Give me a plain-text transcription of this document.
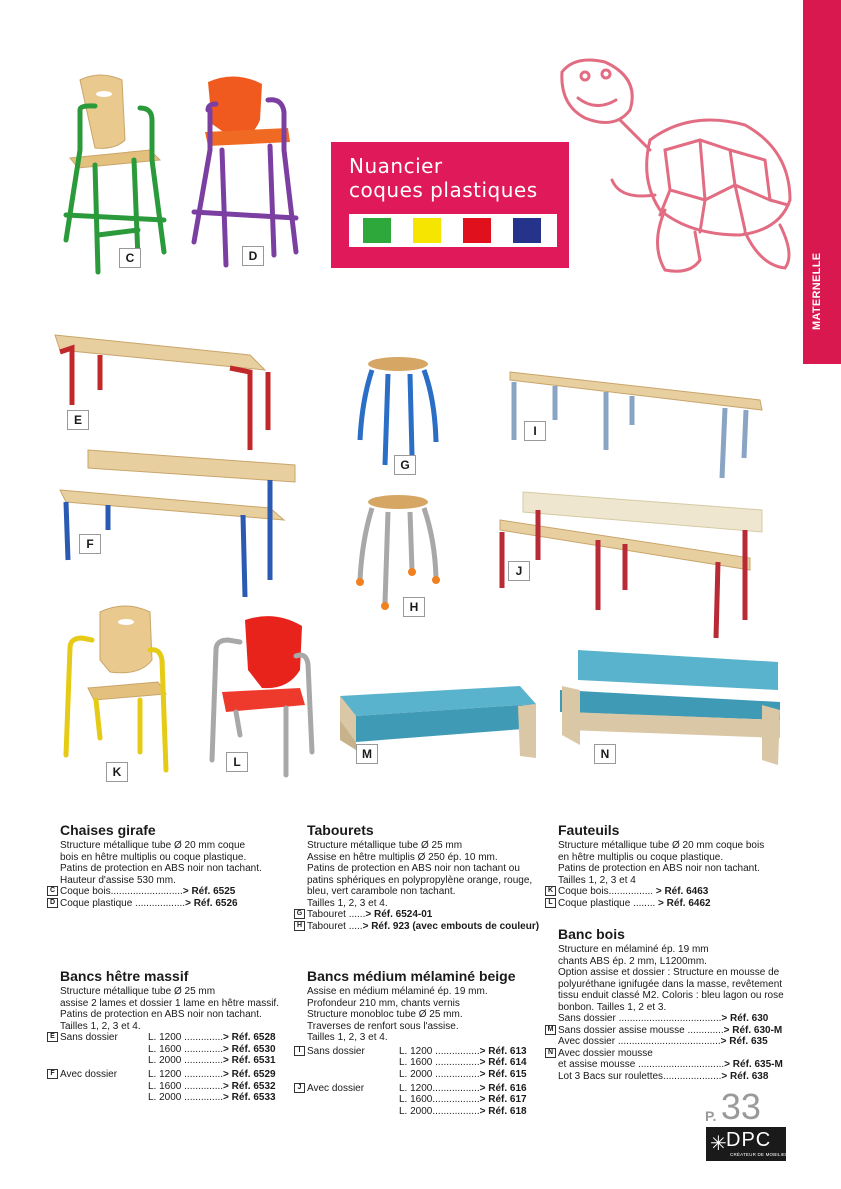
MATERNELLE
Nuancier
coques plastiques
C	D
E
F
G
H
I
J
K
L
M	N
Chaises girafe

Structure métallique tube Ø 20 mm coque

bois en hêtre multiplis ou coque plastique.

Patins de protection en ABS noir non tachant.

Hauteur d'assise 530 mm.

C Coque bois..........................> Réf. 6525
D Coque plastique ..................> Réf. 6526
Tabourets

Structure métallique tube Ø 25 mm

Assise en hêtre multiplis Ø 250 ép. 10 mm.

Patins de protection en ABS noir non tachant ou

patins sphériques en polypropylène orange, rouge,

bleu, vert carambole non tachant.

Tailles 1, 2, 3 et 4.

G Tabouret ......> Réf. 6524-01
H Tabouret .....> Réf. 923 (avec embouts de couleur)
Fauteuils

Structure métallique tube Ø 20 mm coque bois

en hêtre multiplis ou coque plastique.

Patins de protection en ABS noir non tachant.

Tailles 1, 2, 3 et 4

K Coque bois................ > Réf. 6463
L Coque plastique ........ > Réf. 6462
Banc bois

Structure en mélaminé ép. 19 mm

chants ABS ép. 2 mm, L1200mm.

Option assise et dossier : Structure en mousse de

polyuréthane ignifugée dans la masse, revêtement

tissu enduit classé M2. Coloris : bleu lagon ou rose

bonbon. Tailles 1, 2 et 3.

Sans dossier .....................................> Réf. 630
M Sans dossier assise mousse .............> Réf. 630-M
Avec dossier .....................................> Réf. 635
N Avec dossier mousse
et assise mousse ...............................> Réf. 635-M
Lot 3 Bacs sur roulettes.....................> Réf. 638
Bancs hêtre massif

Structure métallique tube Ø 25 mm

assise 2 lames et dossier 1 lame en hêtre massif.

Patins de protection en ABS noir non tachant.

Tailles 1, 2, 3 et 4.

E Sans dossier	L. 1200 ..............> Réf. 6528
L. 1600 ..............> Réf. 6530
L. 2000 ..............> Réf. 6531
F Avec dossier	L. 1200 ..............> Réf. 6529
L. 1600 ..............> Réf. 6532
L. 2000 ..............> Réf. 6533
Bancs médium mélaminé beige

Assise en médium mélaminé ép. 19 mm.

Profondeur 210 mm, chants vernis

Structure monobloc tube Ø 25 mm.

Traverses de renfort sous l'assise.

Tailles 1, 2, 3 et 4.

I Sans dossier	L. 1200 ................> Réf. 613
L. 1600 ................> Réf. 614
L. 2000 ................> Réf. 615
J Avec dossier	L. 1200.................> Réf. 616
L. 1600.................> Réf. 617
L. 2000.................> Réf. 618	P. 33
✳ DPC
CRÉATEUR DE MOBILIER
